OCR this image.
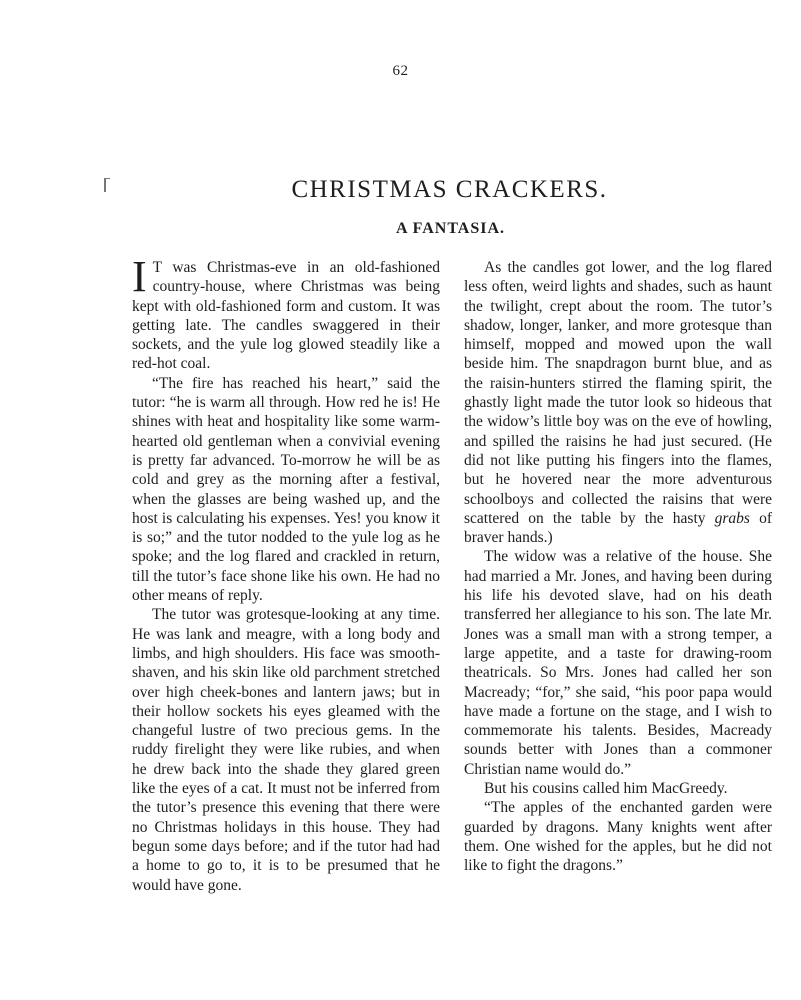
62
CHRISTMAS CRACKERS.
A FANTASIA.

I T was Christmas-eve in an old-fashioned country-house, where Christmas was being kept with old-fashioned form and custom. It was getting late. The candles swaggered in their sockets, and the yule log glowed steadily like a red-hot coal.

“The fire has reached his heart,” said the tutor: “he is warm all through. How red he is! He shines with heat and hospitality like some warm-hearted old gentleman when a convivial evening is pretty far advanced. To-morrow he will be as cold and grey as the morning after a festival, when the glasses are being washed up, and the host is calculating his expenses. Yes! you know it is so;” and the tutor nodded to the yule log as he spoke; and the log flared and crackled in return, till the tutor’s face shone like his own. He had no other means of reply.

The tutor was grotesque-looking at any time. He was lank and meagre, with a long body and limbs, and high shoulders. His face was smooth-shaven, and his skin like old parchment stretched over high cheek-bones and lantern jaws; but in their hollow sockets his eyes gleamed with the changeful lustre of two precious gems. In the ruddy firelight they were like rubies, and when he drew back into the shade they glared green like the eyes of a cat. It must not be inferred from the tutor’s presence this evening that there were no Christmas holidays in this house. They had begun some days before; and if the tutor had had a home to go to, it is to be presumed that he would have gone.

As the candles got lower, and the log flared less often, weird lights and shades, such as haunt the twilight, crept about the room. The tutor’s shadow, longer, lanker, and more grotesque than himself, mopped and mowed upon the wall beside him. The snapdragon burnt blue, and as the raisin-hunters stirred the flaming spirit, the ghastly light made the tutor look so hideous that the widow’s little boy was on the eve of howling, and spilled the raisins he had just secured. (He did not like putting his fingers into the flames, but he hovered near the more adventurous schoolboys and collected the raisins that were scattered on the table by the hasty grabs of braver hands.)

The widow was a relative of the house. She had married a Mr. Jones, and having been during his life his devoted slave, had on his death transferred her allegiance to his son. The late Mr. Jones was a small man with a strong temper, a large appetite, and a taste for drawing-room theatricals. So Mrs. Jones had called her son Macready; “for,” she said, “his poor papa would have made a fortune on the stage, and I wish to commemorate his talents. Besides, Macready sounds better with Jones than a commoner Christian name would do.”

But his cousins called him MacGreedy.

“The apples of the enchanted garden were guarded by dragons. Many knights went after them. One wished for the apples, but he did not like to fight the dragons.”
